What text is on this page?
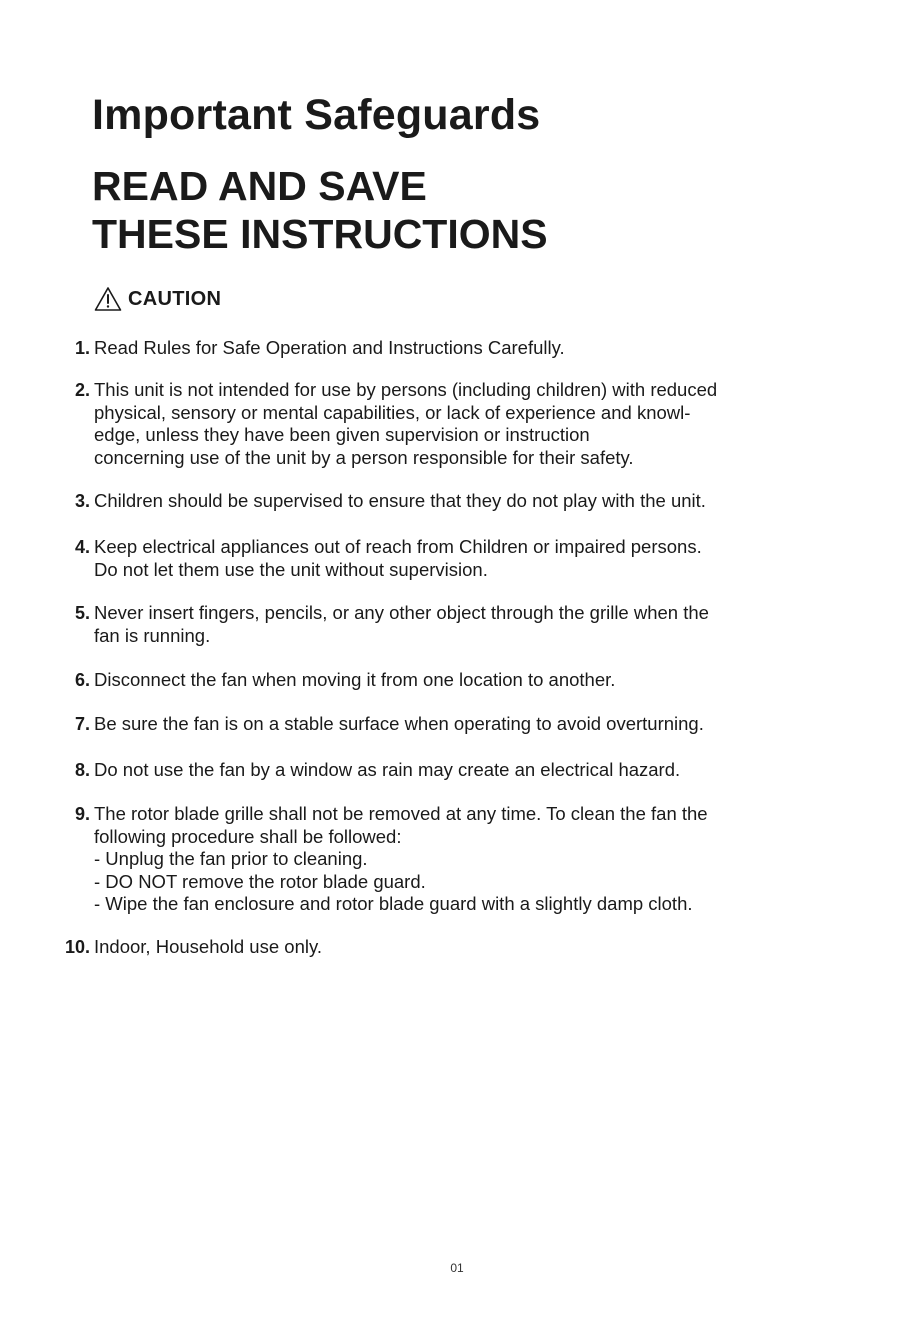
Important Safeguards
READ AND SAVE
THESE INSTRUCTIONS
CAUTION
1. Read Rules for Safe Operation and Instructions Carefully.
2. This unit is not intended for use by persons (including children) with reduced
physical, sensory or mental capabilities, or lack of experience and knowl-
edge, unless they have been given supervision or instruction
concerning use of the unit by a person responsible for their safety.
3. Children should be supervised to ensure that they do not play with the unit.
4. Keep electrical appliances out of reach from Children or impaired persons.
Do not let them use the unit without supervision.
5. Never insert fingers, pencils, or any other object through the grille when the
fan is running.
6. Disconnect the fan when moving it from one location to another.
7. Be sure the fan is on a stable surface when operating to avoid overturning.
8. Do not use the fan by a window as rain may create an electrical hazard.
9. The rotor blade grille shall not be removed at any time. To clean the fan the
following procedure shall be followed:
- Unplug the fan prior to cleaning.
- DO NOT remove the rotor blade guard.
- Wipe the fan enclosure and rotor blade guard with a slightly damp cloth.
10. Indoor, Household use only.
01
